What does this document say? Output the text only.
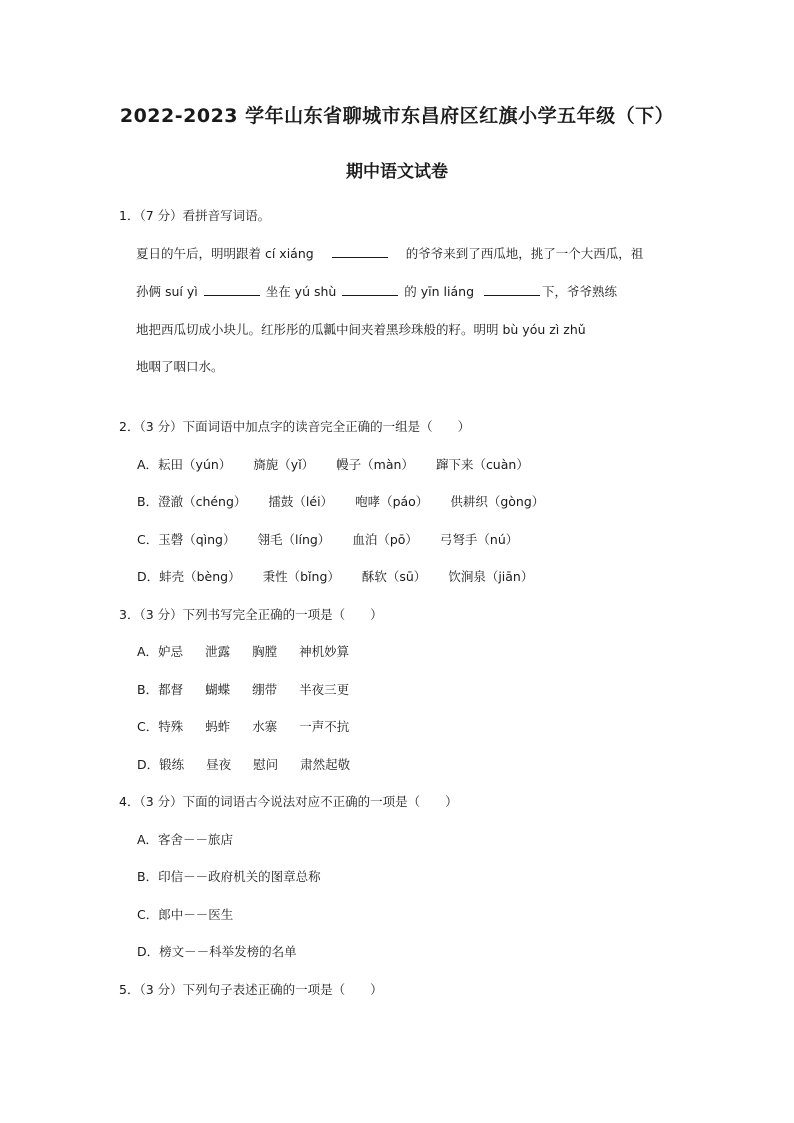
2022-2023 学年山东省聊城市东昌府区红旗小学五年级（下）
期中语文试卷
1．（7 分）看拼音写词语。
夏日的午后，明明跟着 cí xiáng	的爷爷来到了西瓜地，挑了一个大西瓜，祖
孙俩 suí yì	坐在 yú shù	的 yīn liáng	下，爷爷熟练
地把西瓜切成小块儿。红彤彤的瓜瓤中间夹着黑珍珠般的籽。明明 bù yóu zì zhǔ
地咽了咽口水。
2．（3 分）下面词语中加点字的读音完全正确的一组是（　　）
A．耘田（yún） 旖旎（yǐ） 幔子（màn） 蹿下来（cuàn）
B．澄澈（chéng） 擂鼓（léi） 咆哮（páo） 供耕织（gòng）
C．玉磬（qìng） 翎毛（líng） 血泊（pō） 弓弩手（nú）
D．蚌壳（bèng） 秉性（bǐng） 酥软（sū） 饮涧泉（jiān）
3．（3 分）下列书写完全正确的一项是（　　）
A．妒忌 泄露 胸膛 神机妙算
B．都督 蝴蝶 绷带 半夜三更
C．特殊 蚂蚱 水寨 一声不抗
D．锻练 昼夜 慰问 肃然起敬
4．（3 分）下面的词语古今说法对应不正确的一项是（　　）
A．客舍－－旅店
B．印信－－政府机关的图章总称
C．郎中－－医生
D．榜文－－科举发榜的名单
5．（3 分）下列句子表述正确的一项是（　　）
